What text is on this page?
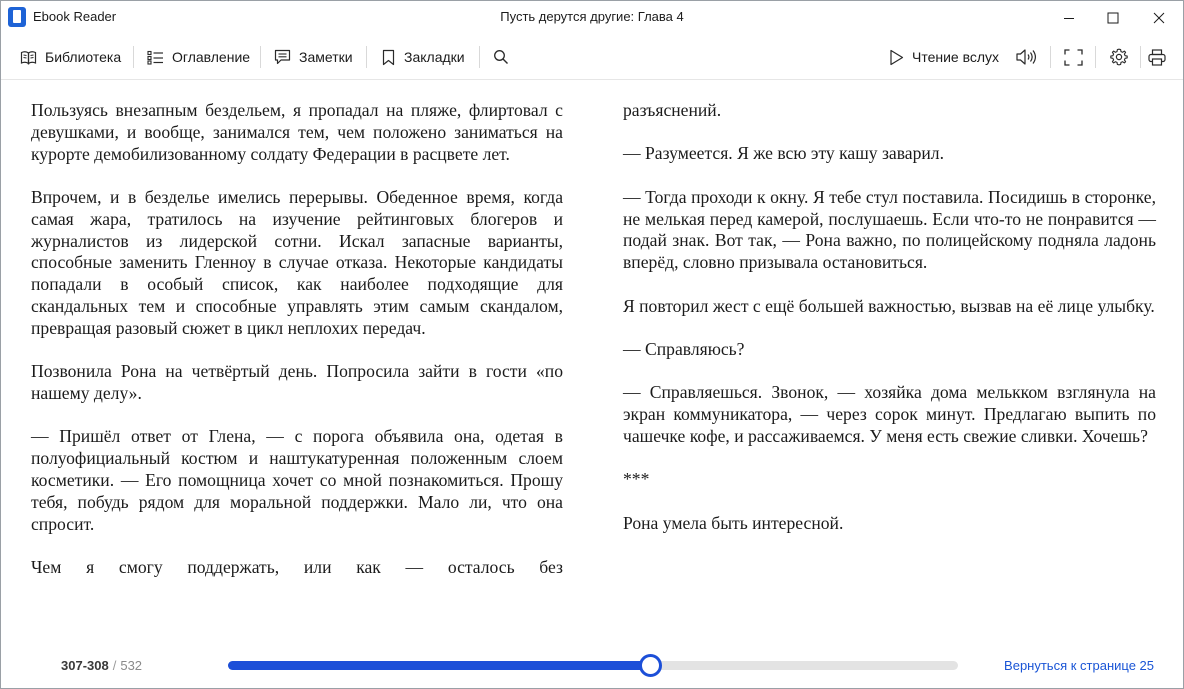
Ebook Reader	Пусть дерутся другие: Глава 4
Библиотека	Оглавление	Заметки	Закладки	Чтение вслух

Пользуясь внезапным бездельем, я пропадал на пляже, флиртовал с девушками, и вообще, занимался тем, чем положено заниматься на курорте демобилизованному солдату Федерации в расцвете лет.

Впрочем, и в безделье имелись перерывы. Обеденное время, когда самая жара, тратилось на изучение рейтинговых блогеров и журналистов из лидерской сотни. Искал запасные варианты, способные заменить Гленноу в случае отказа. Некоторые кандидаты попадали в особый список, как наиболее подходящие для скандальных тем и способные управлять этим самым скандалом, превращая разовый сюжет в цикл неплохих передач.

Позвонила Рона на четвёртый день. Попросила зайти в гости «по нашему делу».

— Пришёл ответ от Глена, — с порога объявила она, одетая в полуофициальный костюм и наштукатуренная положенным слоем косметики. — Его помощница хочет со мной познакомиться. Прошу тебя, побудь рядом для моральной поддержки. Мало ли, что она спросит.

Чем я смогу поддержать, или как — осталось без

разъяснений.

— Разумеется. Я же всю эту кашу заварил.

— Тогда проходи к окну. Я тебе стул поставила. Посидишь в сторонке, не мелькая перед камерой, послушаешь. Если что-то не понравится — подай знак. Вот так, — Рона важно, по полицейскому подняла ладонь вперёд, словно призывала остановиться.

Я повторил жест с ещё большей важностью, вызвав на её лице улыбку.

— Справляюсь?

— Справляешься. Звонок, — хозяйка дома мелькком взглянула на экран коммуникатора, — через сорок минут. Предлагаю выпить по чашечке кофе, и рассаживаемся. У меня есть свежие сливки. Хочешь?

***

Рона умела быть интересной.

307-308 / 532	Вернуться к странице 25
